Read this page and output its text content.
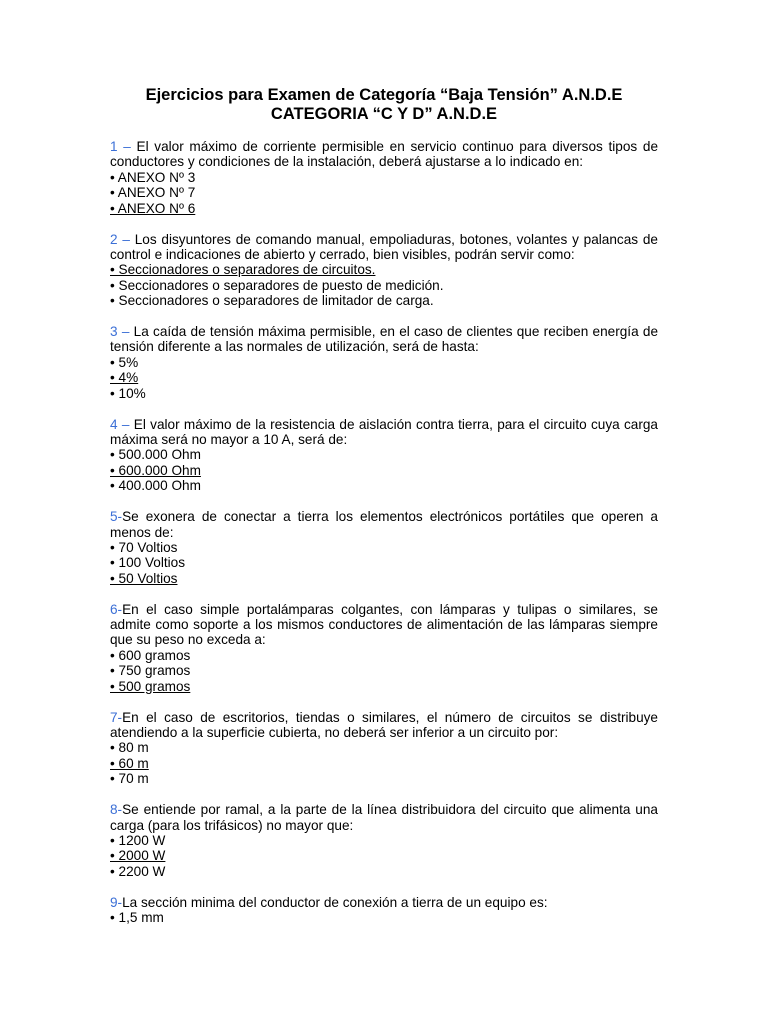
Ejercicios para Examen de Categoría “Baja Tensión” A.N.D.E
CATEGORIA “C Y D” A.N.D.E

1 – El valor máximo de corriente permisible en servicio continuo para diversos tipos de conductores y condiciones de la instalación, deberá ajustarse a lo indicado en:

• ANEXO Nº 3
• ANEXO Nº 7
• ANEXO Nº 6

2 – Los disyuntores de comando manual, empoliaduras, botones, volantes y palancas de control e indicaciones de abierto y cerrado, bien visibles, podrán servir como:

• Seccionadores o separadores de circuitos.
• Seccionadores o separadores de puesto de medición.
• Seccionadores o separadores de limitador de carga.

3 – La caída de tensión máxima permisible, en el caso de clientes que reciben energía de tensión diferente a las normales de utilización, será de hasta:

• 5%
• 4%
• 10%

4 – El valor máximo de la resistencia de aislación contra tierra, para el circuito cuya carga máxima será no mayor a 10 A, será de:

• 500.000 Ohm
• 600.000 Ohm
• 400.000 Ohm

5-Se exonera de conectar a tierra los elementos electrónicos portátiles que operen a menos de:

• 70 Voltios
• 100 Voltios
• 50 Voltios

6-En el caso simple portalámparas colgantes, con lámparas y tulipas o similares, se admite como soporte a los mismos conductores de alimentación de las lámparas siempre que su peso no exceda a:

• 600 gramos
• 750 gramos
• 500 gramos

7-En el caso de escritorios, tiendas o similares, el número de circuitos se distribuye atendiendo a la superficie cubierta, no deberá ser inferior a un circuito por:

• 80 m
• 60 m
• 70 m

8-Se entiende por ramal, a la parte de la línea distribuidora del circuito que alimenta una carga (para los trifásicos) no mayor que:

• 1200 W
• 2000 W
• 2200 W

9-La sección minima del conductor de conexión a tierra de un equipo es:

• 1,5 mm
